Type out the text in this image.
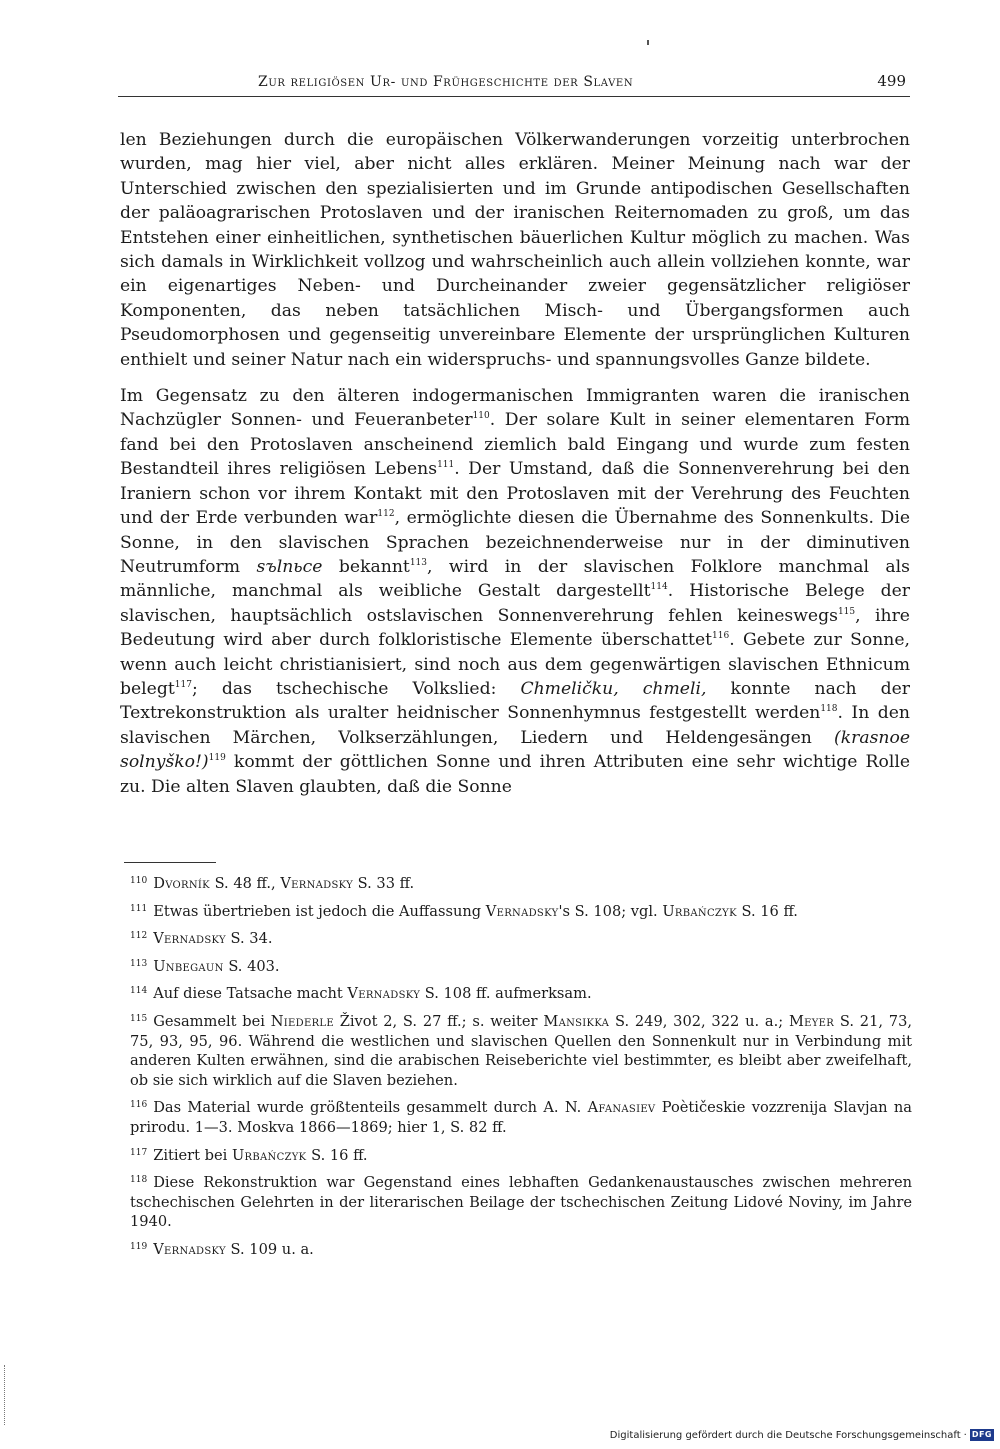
Zur religiösen Ur- und Frühgeschichte der Slaven	499

len Beziehungen durch die europäischen Völkerwanderungen vorzeitig unterbrochen wurden, mag hier viel, aber nicht alles erklären. Meiner Meinung nach war der Unterschied zwischen den spezialisierten und im Grunde antipodischen Gesellschaften der paläoagrarischen Protoslaven und der iranischen Reiternomaden zu groß, um das Entstehen einer einheitlichen, synthetischen bäuerlichen Kultur möglich zu machen. Was sich damals in Wirklichkeit vollzog und wahrscheinlich auch allein vollziehen konnte, war ein eigenartiges Neben- und Durcheinander zweier gegensätzlicher religiöser Komponenten, das neben tatsächlichen Misch- und Übergangsformen auch Pseudomorphosen und gegenseitig unvereinbare Elemente der ursprünglichen Kulturen enthielt und seiner Natur nach ein widerspruchs- und spannungsvolles Ganze bildete.

Im Gegensatz zu den älteren indogermanischen Immigranten waren die iranischen Nachzügler Sonnen- und Feueranbeter$^{110}$. Der solare Kult in seiner elementaren Form fand bei den Protoslaven anscheinend ziemlich bald Eingang und wurde zum festen Bestandteil ihres religiösen Lebens$^{111}$. Der Umstand, daß die Sonnenverehrung bei den Iraniern schon vor ihrem Kontakt mit den Protoslaven mit der Verehrung des Feuchten und der Erde verbunden war$^{112}$, ermöglichte diesen die Übernahme des Sonnenkults. Die Sonne, in den slavischen Sprachen bezeichnenderweise nur in der diminutiven Neutrumform sъlnьce bekannt$^{113}$, wird in der slavischen Folklore manchmal als männliche, manchmal als weibliche Gestalt dargestellt$^{114}$. Historische Belege der slavischen, hauptsächlich ostslavischen Sonnenverehrung fehlen keineswegs$^{115}$, ihre Bedeutung wird aber durch folkloristische Elemente überschattet$^{116}$. Gebete zur Sonne, wenn auch leicht christianisiert, sind noch aus dem gegenwärtigen slavischen Ethnicum belegt$^{117}$; das tschechische Volkslied: Chmeličku, chmeli, konnte nach der Textrekonstruktion als uralter heidnischer Sonnenhymnus festgestellt werden$^{118}$. In den slavischen Märchen, Volkserzählungen, Liedern und Heldengesängen (krasnoe solnyško!)$^{119}$ kommt der göttlichen Sonne und ihren Attributen eine sehr wichtige Rolle zu. Die alten Slaven glaubten, daß die Sonne

$^{110}$ Dvorník S. 48 ff., Vernadsky S. 33 ff.
$^{111}$ Etwas übertrieben ist jedoch die Auffassung Vernadsky's S. 108; vgl. Urbańczyk S. 16 ff.
$^{112}$ Vernadsky S. 34.
$^{113}$ Unbegaun S. 403.
$^{114}$ Auf diese Tatsache macht Vernadsky S. 108 ff. aufmerksam.
$^{115}$ Gesammelt bei Niederle Život 2, S. 27 ff.; s. weiter Mansikka S. 249, 302, 322 u. a.; Meyer S. 21, 73, 75, 93, 95, 96. Während die westlichen und slavischen Quellen den Sonnenkult nur in Verbindung mit anderen Kulten erwähnen, sind die arabischen Reiseberichte viel bestimmter, es bleibt aber zweifelhaft, ob sie sich wirklich auf die Slaven beziehen.
$^{116}$ Das Material wurde größtenteils gesammelt durch A. N. Afanasiev Poètičeskie vozzrenija Slavjan na prirodu. 1—3. Moskva 1866—1869; hier 1, S. 82 ff.
$^{117}$ Zitiert bei Urbańczyk S. 16 ff.
$^{118}$ Diese Rekonstruktion war Gegenstand eines lebhaften Gedankenaustausches zwischen mehreren tschechischen Gelehrten in der literarischen Beilage der tschechischen Zeitung Lidové Noviny, im Jahre 1940.
$^{119}$ Vernadsky S. 109 u. a.
Digitalisierung gefördert durch die Deutsche Forschungsgemeinschaft · DFG
